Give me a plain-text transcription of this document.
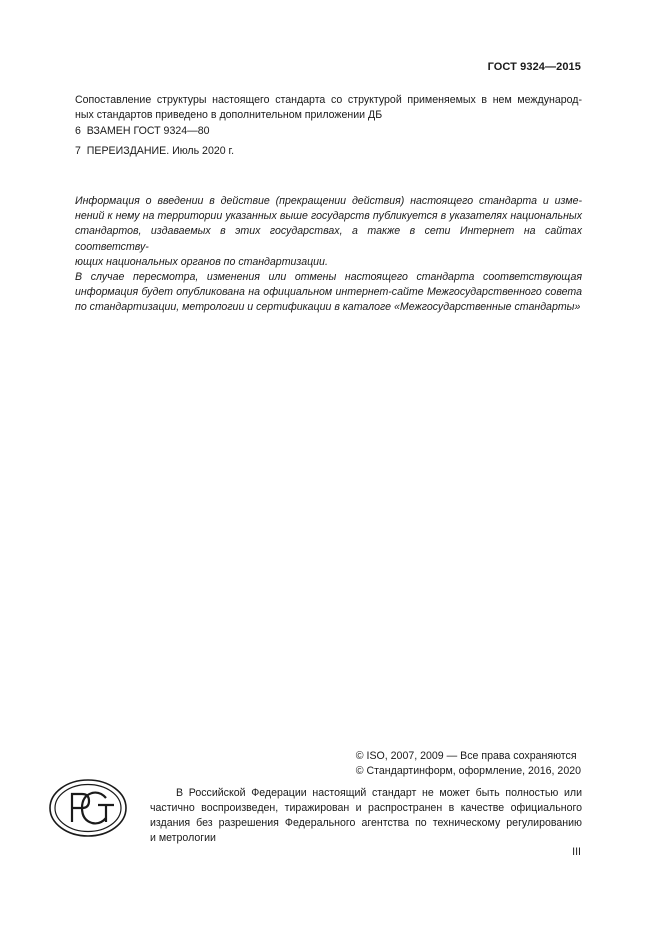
ГОСТ 9324—2015
Сопоставление структуры настоящего стандарта со структурой применяемых в нем международ-
ных стандартов приведено в дополнительном приложении ДБ
6 ВЗАМЕН ГОСТ 9324—80
7 ПЕРЕИЗДАНИЕ. Июль 2020 г.
Информация о введении в действие (прекращении действия) настоящего стандарта и изме-
нений к нему на территории указанных выше государств публикуется в указателях национальных
стандартов, издаваемых в этих государствах, а также в сети Интернет на сайтах соответству-
ющих национальных органов по стандартизации.
В случае пересмотра, изменения или отмены настоящего стандарта соответствующая
информация будет опубликована на официальном интернет-сайте Межгосударственного совета
по стандартизации, метрологии и сертификации в каталоге «Межгосударственные стандарты»
© ISO, 2007, 2009 — Все права сохраняются
© Стандартинформ, оформление, 2016, 2020
В Российской Федерации настоящий стандарт не может быть полностью или
частично воспроизведен, тиражирован и распространен в качестве официального
издания без разрешения Федерального агентства по техническому регулированию
и метрологии
III
